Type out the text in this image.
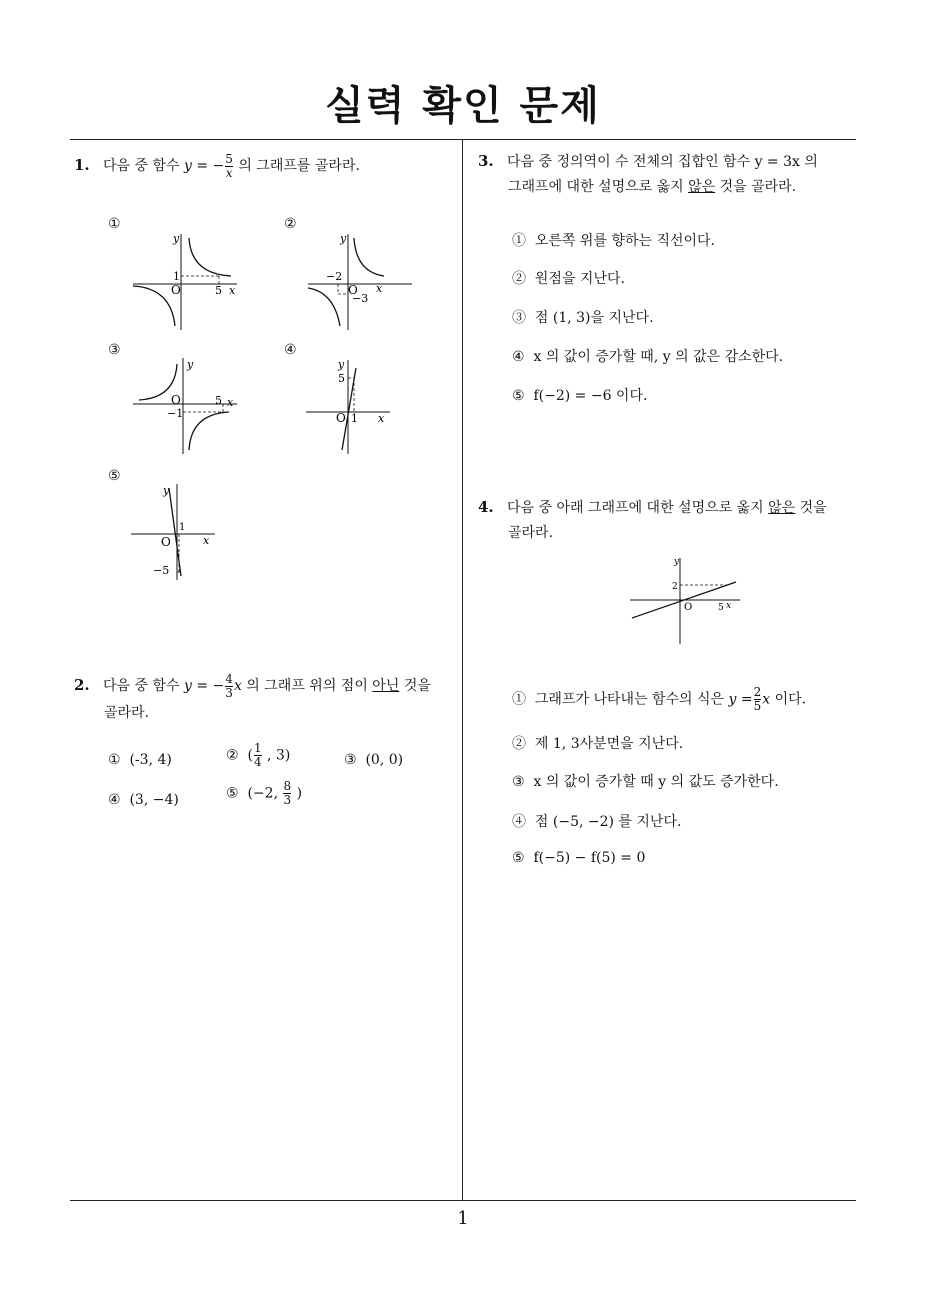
실력 확인 문제
1
1. 다음 중 함수 y = − $\frac{5}{x}$ 의 그래프를 골라라.
①
y
x
O
1
5
②
y
x
O
−2
−3
③
y
x
O
−1
5
④
y
x
O
5
1
⑤
y
x
O
1
−5
2. 다음 중 함수 y = − $\frac{4}{3}$ x 의 그래프 위의 점이 아닌 것을
골라라.
① (-3, 4)	② ( $\frac{1}{4}$ , 3)	③ (0, 0)
④ (3, −4)	⑤ (−2, $\frac{8}{3}$ )
3. 다음 중 정의역이 수 전체의 집합인 함수 y = 3x 의
그래프에 대한 설명으로 옳지 않은 것을 골라라.
① 오른쪽 위를 향하는 직선이다.
② 원점을 지난다.
③ 점 (1, 3)을 지난다.
④ x 의 값이 증가할 때, y 의 값은 감소한다.
⑤ f(−2) = −6 이다.
4. 다음 중 아래 그래프에 대한 설명으로 옳지 않은 것을
골라라.
y
x
O
2
5
① 그래프가 나타내는 함수의 식은 $y = \frac{2}{5}$ x 이다.
② 제 1, 3사분면을 지난다.
③ x 의 값이 증가할 때 y 의 값도 증가한다.
④ 점 (−5, −2) 를 지난다.
⑤ f(−5) − f(5) = 0
